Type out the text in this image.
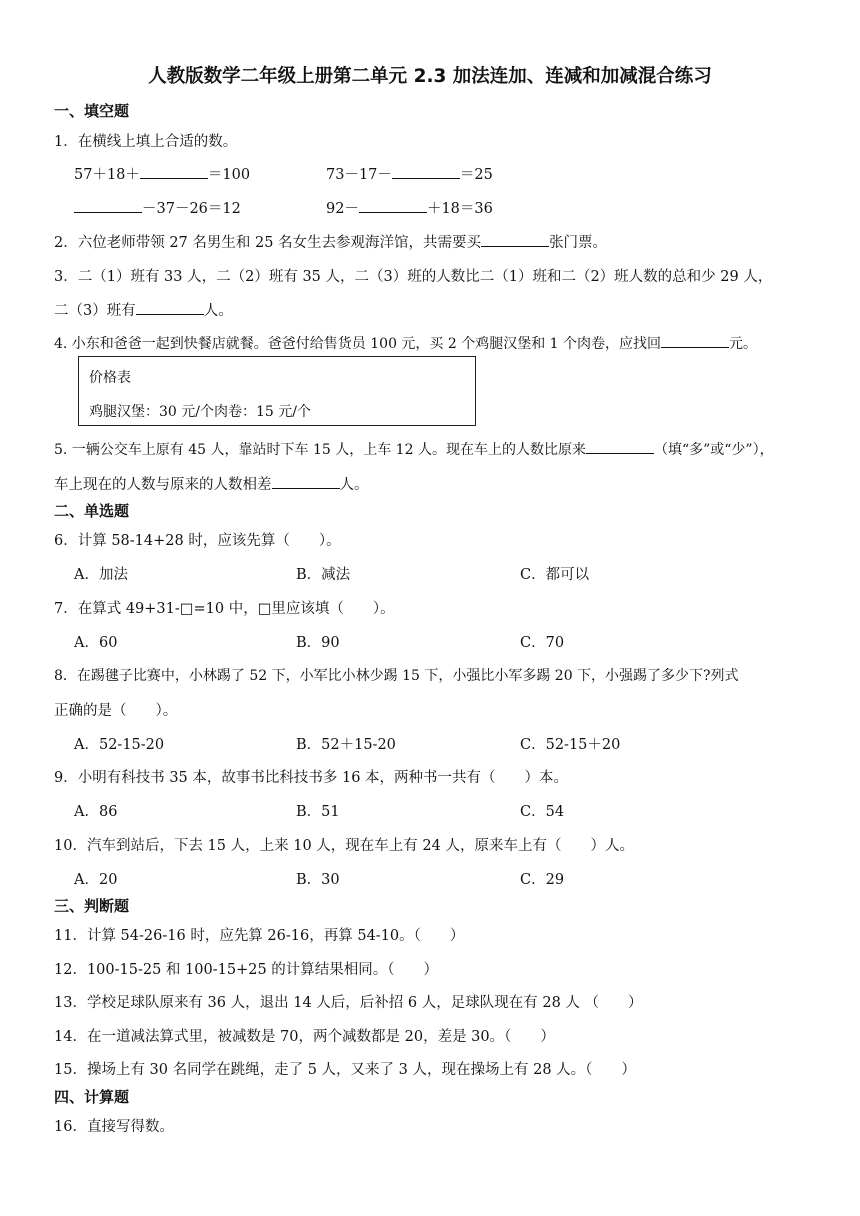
人教版数学二年级上册第二单元 2.3 加法连加、连减和加减混合练习
一、填空题
1．在横线上填上合适的数。
57＋18＋	＝100	73－17－	＝25
－37－26＝12	92－	＋18＝36
2．六位老师带领 27 名男生和 25 名女生去参观海洋馆，共需要买	张门票。
3．二（1）班有 33 人，二（2）班有 35 人，二（3）班的人数比二（1）班和二（2）班人数的总和少 29 人，
二（3）班有	人。
4. 小东和爸爸一起到快餐店就餐。爸爸付给售货员 100 元，买 2 个鸡腿汉堡和 1 个肉卷，应找回	元。
价格表
鸡腿汉堡：30 元/个肉卷：15 元/个
5. 一辆公交车上原有 45 人，靠站时下车 15 人，上车 12 人。现在车上的人数比原来	（填“多”或“少”），
车上现在的人数与原来的人数相差	人。
二、单选题
6．计算 58-14+28 时，应该先算（　　）。
A．加法	B．减法	C．都可以
7．在算式 49+31-□=10 中，□里应该填（　　）。
A．60	B．90	C．70
8．在踢毽子比赛中，小林踢了 52 下，小军比小林少踢 15 下，小强比小军多踢 20 下，小强踢了多少下?列式
正确的是（　　）。
A．52-15-20	B．52＋15-20	C．52-15＋20
9．小明有科技书 35 本，故事书比科技书多 16 本，两种书一共有（　　）本。
A．86	B．51	C．54
10．汽车到站后，下去 15 人，上来 10 人，现在车上有 24 人，原来车上有（　　）人。
A．20	B．30	C．29
三、判断题
11．计算 54-26-16 时，应先算 26-16，再算 54-10。（　　）
12．100-15-25 和 100-15+25 的计算结果相同。（　　）
13．学校足球队原来有 36 人，退出 14 人后，后补招 6 人，足球队现在有 28 人 （　　）
14．在一道减法算式里，被减数是 70，两个减数都是 20，差是 30。（　　）
15．操场上有 30 名同学在跳绳，走了 5 人，又来了 3 人，现在操场上有 28 人。（　　）
四、计算题
16．直接写得数。
